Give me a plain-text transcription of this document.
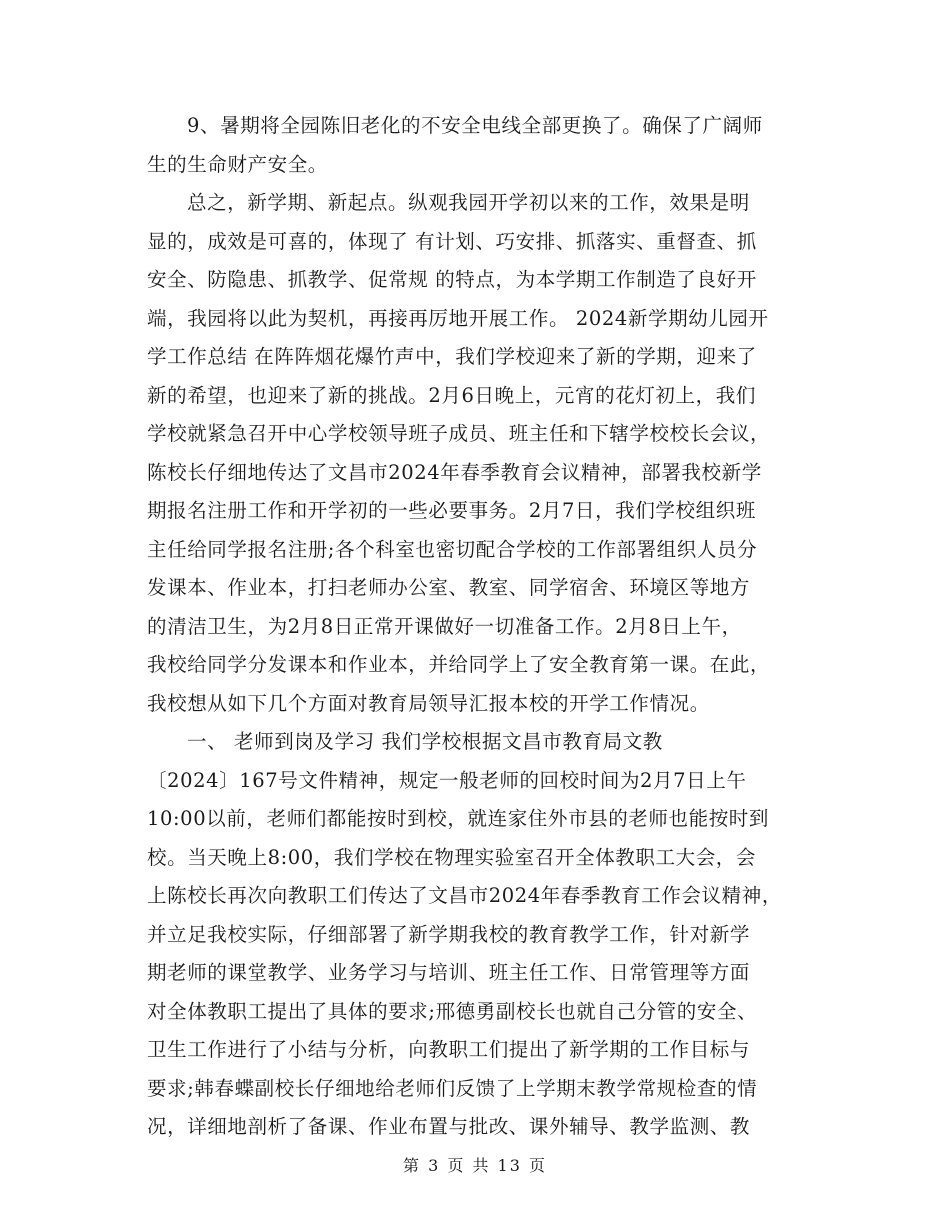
9、暑期将全园陈旧老化的不安全电线全部更换了。确保了广阔师
生的生命财产安全。
总之，新学期、新起点。纵观我园开学初以来的工作，效果是明
显的，成效是可喜的，体现了 有计划、巧安排、抓落实、重督查、抓
安全、防隐患、抓教学、促常规 的特点，为本学期工作制造了良好开
端，我园将以此为契机，再接再厉地开展工作。 2024新学期幼儿园开
学工作总结 在阵阵烟花爆竹声中，我们学校迎来了新的学期，迎来了
新的希望，也迎来了新的挑战。2月6日晚上，元宵的花灯初上，我们
学校就紧急召开中心学校领导班子成员、班主任和下辖学校校长会议，
陈校长仔细地传达了文昌市2024年春季教育会议精神，部署我校新学
期报名注册工作和开学初的一些必要事务。2月7日，我们学校组织班
主任给同学报名注册;各个科室也密切配合学校的工作部署组织人员分
发课本、作业本，打扫老师办公室、教室、同学宿舍、环境区等地方
的清洁卫生，为2月8日正常开课做好一切准备工作。2月8日上午，
我校给同学分发课本和作业本，并给同学上了安全教育第一课。在此，
我校想从如下几个方面对教育局领导汇报本校的开学工作情况。
一、 老师到岗及学习 我们学校根据文昌市教育局文教
〔2024〕167号文件精神，规定一般老师的回校时间为2月7日上午
10:00以前，老师们都能按时到校，就连家住外市县的老师也能按时到
校。当天晚上8:00，我们学校在物理实验室召开全体教职工大会，会
上陈校长再次向教职工们传达了文昌市2024年春季教育工作会议精神，
并立足我校实际，仔细部署了新学期我校的教育教学工作，针对新学
期老师的课堂教学、业务学习与培训、班主任工作、日常管理等方面
对全体教职工提出了具体的要求;邢德勇副校长也就自己分管的安全、
卫生工作进行了小结与分析，向教职工们提出了新学期的工作目标与
要求;韩春蝶副校长仔细地给老师们反馈了上学期末教学常规检查的情
况，详细地剖析了备课、作业布置与批改、课外辅导、教学监测、教
第 3 页 共 13 页
